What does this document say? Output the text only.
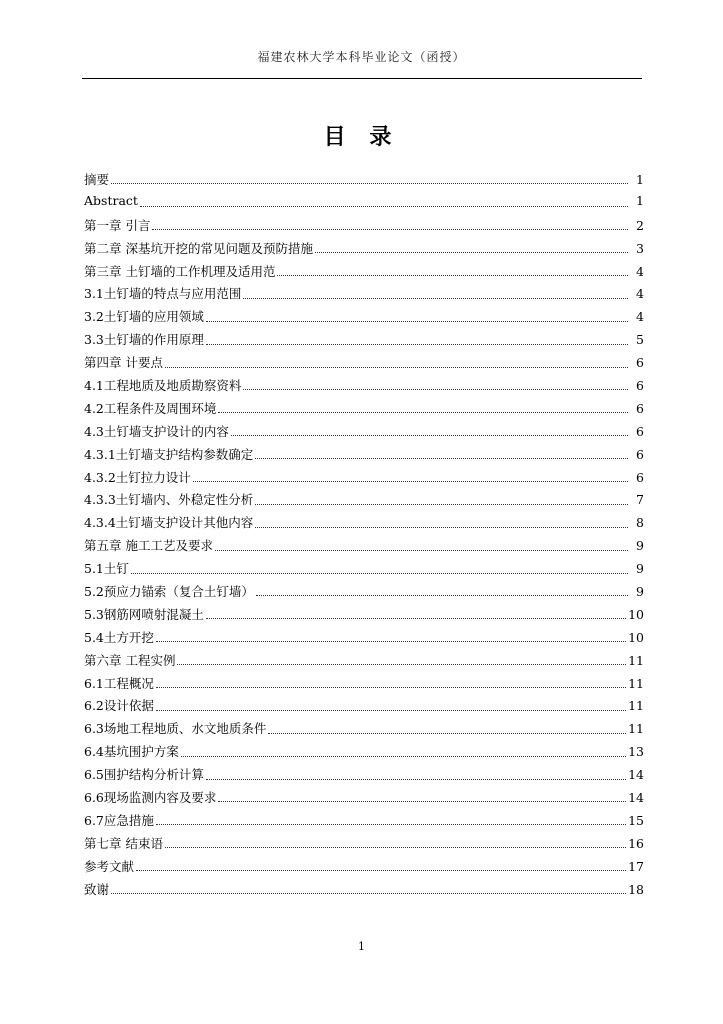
福建农林大学本科毕业论文（函授）
目 录
摘要	1
Abstract	1
第一章 引言	2
第二章 深基坑开挖的常见问题及预防措施	3
第三章 土钉墙的工作机理及适用范	4
3.1土钉墙的特点与应用范围	4
3.2土钉墙的应用领域	4
3.3土钉墙的作用原理	5
第四章 计要点	6
4.1工程地质及地质勘察资料	6
4.2工程条件及周围环境	6
4.3土钉墙支护设计的内容	6
4.3.1土钉墙支护结构参数确定	6
4.3.2土钉拉力设计	6
4.3.3土钉墙内、外稳定性分析	7
4.3.4土钉墙支护设计其他内容	8
第五章 施工工艺及要求	9
5.1土钉	9
5.2预应力锚索（复合土钉墙）	9
5.3钢筋网喷射混凝土	10
5.4土方开挖	10
第六章 工程实例	11
6.1工程概况	11
6.2设计依据	11
6.3场地工程地质、水文地质条件	11
6.4基坑围护方案	13
6.5围护结构分析计算	14
6.6现场监测内容及要求	14
6.7应急措施	15
第七章 结束语	16
参考文献	17
致谢	18
1
